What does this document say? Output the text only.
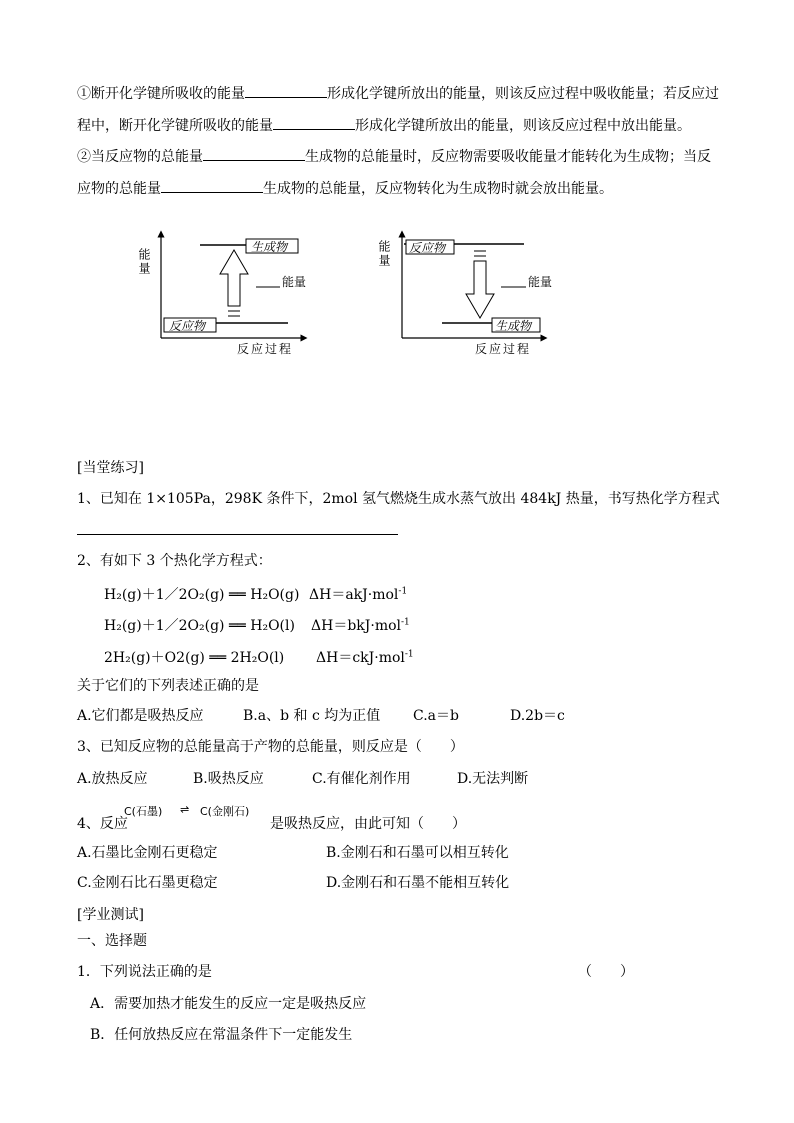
①断开化学键所吸收的能量	形成化学键所放出的能量，则该反应过程中吸收能量；若反应过
程中，断开化学键所吸收的能量	形成化学键所放出的能量，则该反应过程中放出能量。
②当反应物的总能量	生成物的总能量时，反应物需要吸收能量才能转化为生成物；当反
应物的总能量	生成物的总能量，反应物转化为生成物时就会放出能量。
能量
反应过程
生成物
反应物
能量
能量
反应过程
反应物
生成物
能量
[当堂练习]
1、已知在 1×105Pa，298K 条件下，2mol 氢气燃烧生成水蒸气放出 484kJ 热量，书写热化学方程式
2、有如下 3 个热化学方程式：
H₂(g)＋1／2O₂(g) ══ H₂O(g) ΔH＝akJ·mol$^{-1}$
H₂(g)＋1／2O₂(g) ══ H₂O(l) ΔH＝bkJ·mol$^{-1}$
2H₂(g)＋O2(g) ══ 2H₂O(l) ΔH＝ckJ·mol$^{-1}$
关于它们的下列表述正确的是
A.它们都是吸热反应	B.a、b 和 c 均为正值 C.a＝b	D.2b＝c
3、已知反应物的总能量高于产物的总能量，则反应是（　　）
A.放热反应	B.吸热反应	C.有催化剂作用	D.无法判断
4、反应
C(石墨) ⇌ C(金刚石)
是吸热反应，由此可知（　　）
A.石墨比金刚石更稳定	B.金刚石和石墨可以相互转化
C.金刚石比石墨更稳定	D.金刚石和石墨不能相互转化
[学业测试]
一、选择题
1．下列说法正确的是	（　　）
A．需要加热才能发生的反应一定是吸热反应
B．任何放热反应在常温条件下一定能发生
